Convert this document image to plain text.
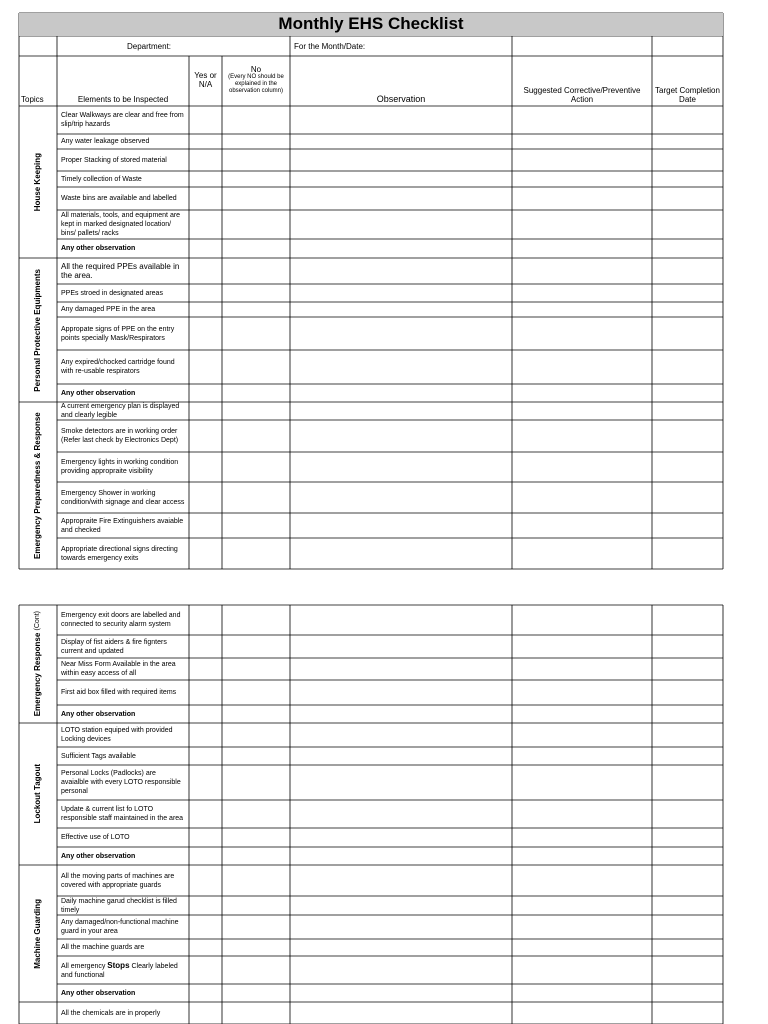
Monthly EHS Checklist
Department:	For the Month/Date:
Topics	Elements to be Inspected
Yes or N/A
No
(Every NO should be explained in the observation column)
Observation
Suggested Corrective/Preventive Action
Target Completion Date
House Keeping
Personal Protective Equipments
Emergency Preparedness & Response
Clear Walkways are clear and free from slip/trip hazards
Any water leakage observed
Proper Stacking of stored material
Timely collection of Waste
Waste bins are available and labelled
All materials, tools, and equipment are kept in marked designated location/ bins/ pallets/ racks
Any other observation
All the required PPEs available in the area.
PPEs stroed in designated areas
Any damaged PPE in the area
Appropate signs of PPE on the entry points specially Mask/Respirators
Any expired/chocked cartridge found with re-usable respirators
Any other observation
A current emergency plan is displayed and clearly legible
Smoke detectors are in working order (Refer last check by Electronics Dept)
Emergency lights in working condition providing appropraite visibility
Emergency Shower in working condition/with signage and clear access
Appropraite Fire Extinguishers avaiable and checked
Appropriate directional signs directing towards emergency exits
Emergency Response (Cont)
Lockout Tagout
Machine Guarding
Emergency exit doors are labelled and connected to security alarm system
Display of fist aiders & fire fignters current and updated
Near Miss Form Available in the area within easy access of all
First aid box filled with required items
Any other observation
LOTO station equiped with provided Locking devices
Sufficient Tags available
Personal Locks (Padlocks) are avaialble with every LOTO responsible personal
Update & current list fo LOTO responsible staff maintained in the area
Effective use of LOTO
Any other observation
All the moving parts of machines are covered with appropriate guards
Daily machine garud checklist is filled timely
Any damaged/non-functional machine guard in your area
All the machine guards are
All emergency Stops Clearly labeled and functional
Any other observation
All the chemicals are in properly
